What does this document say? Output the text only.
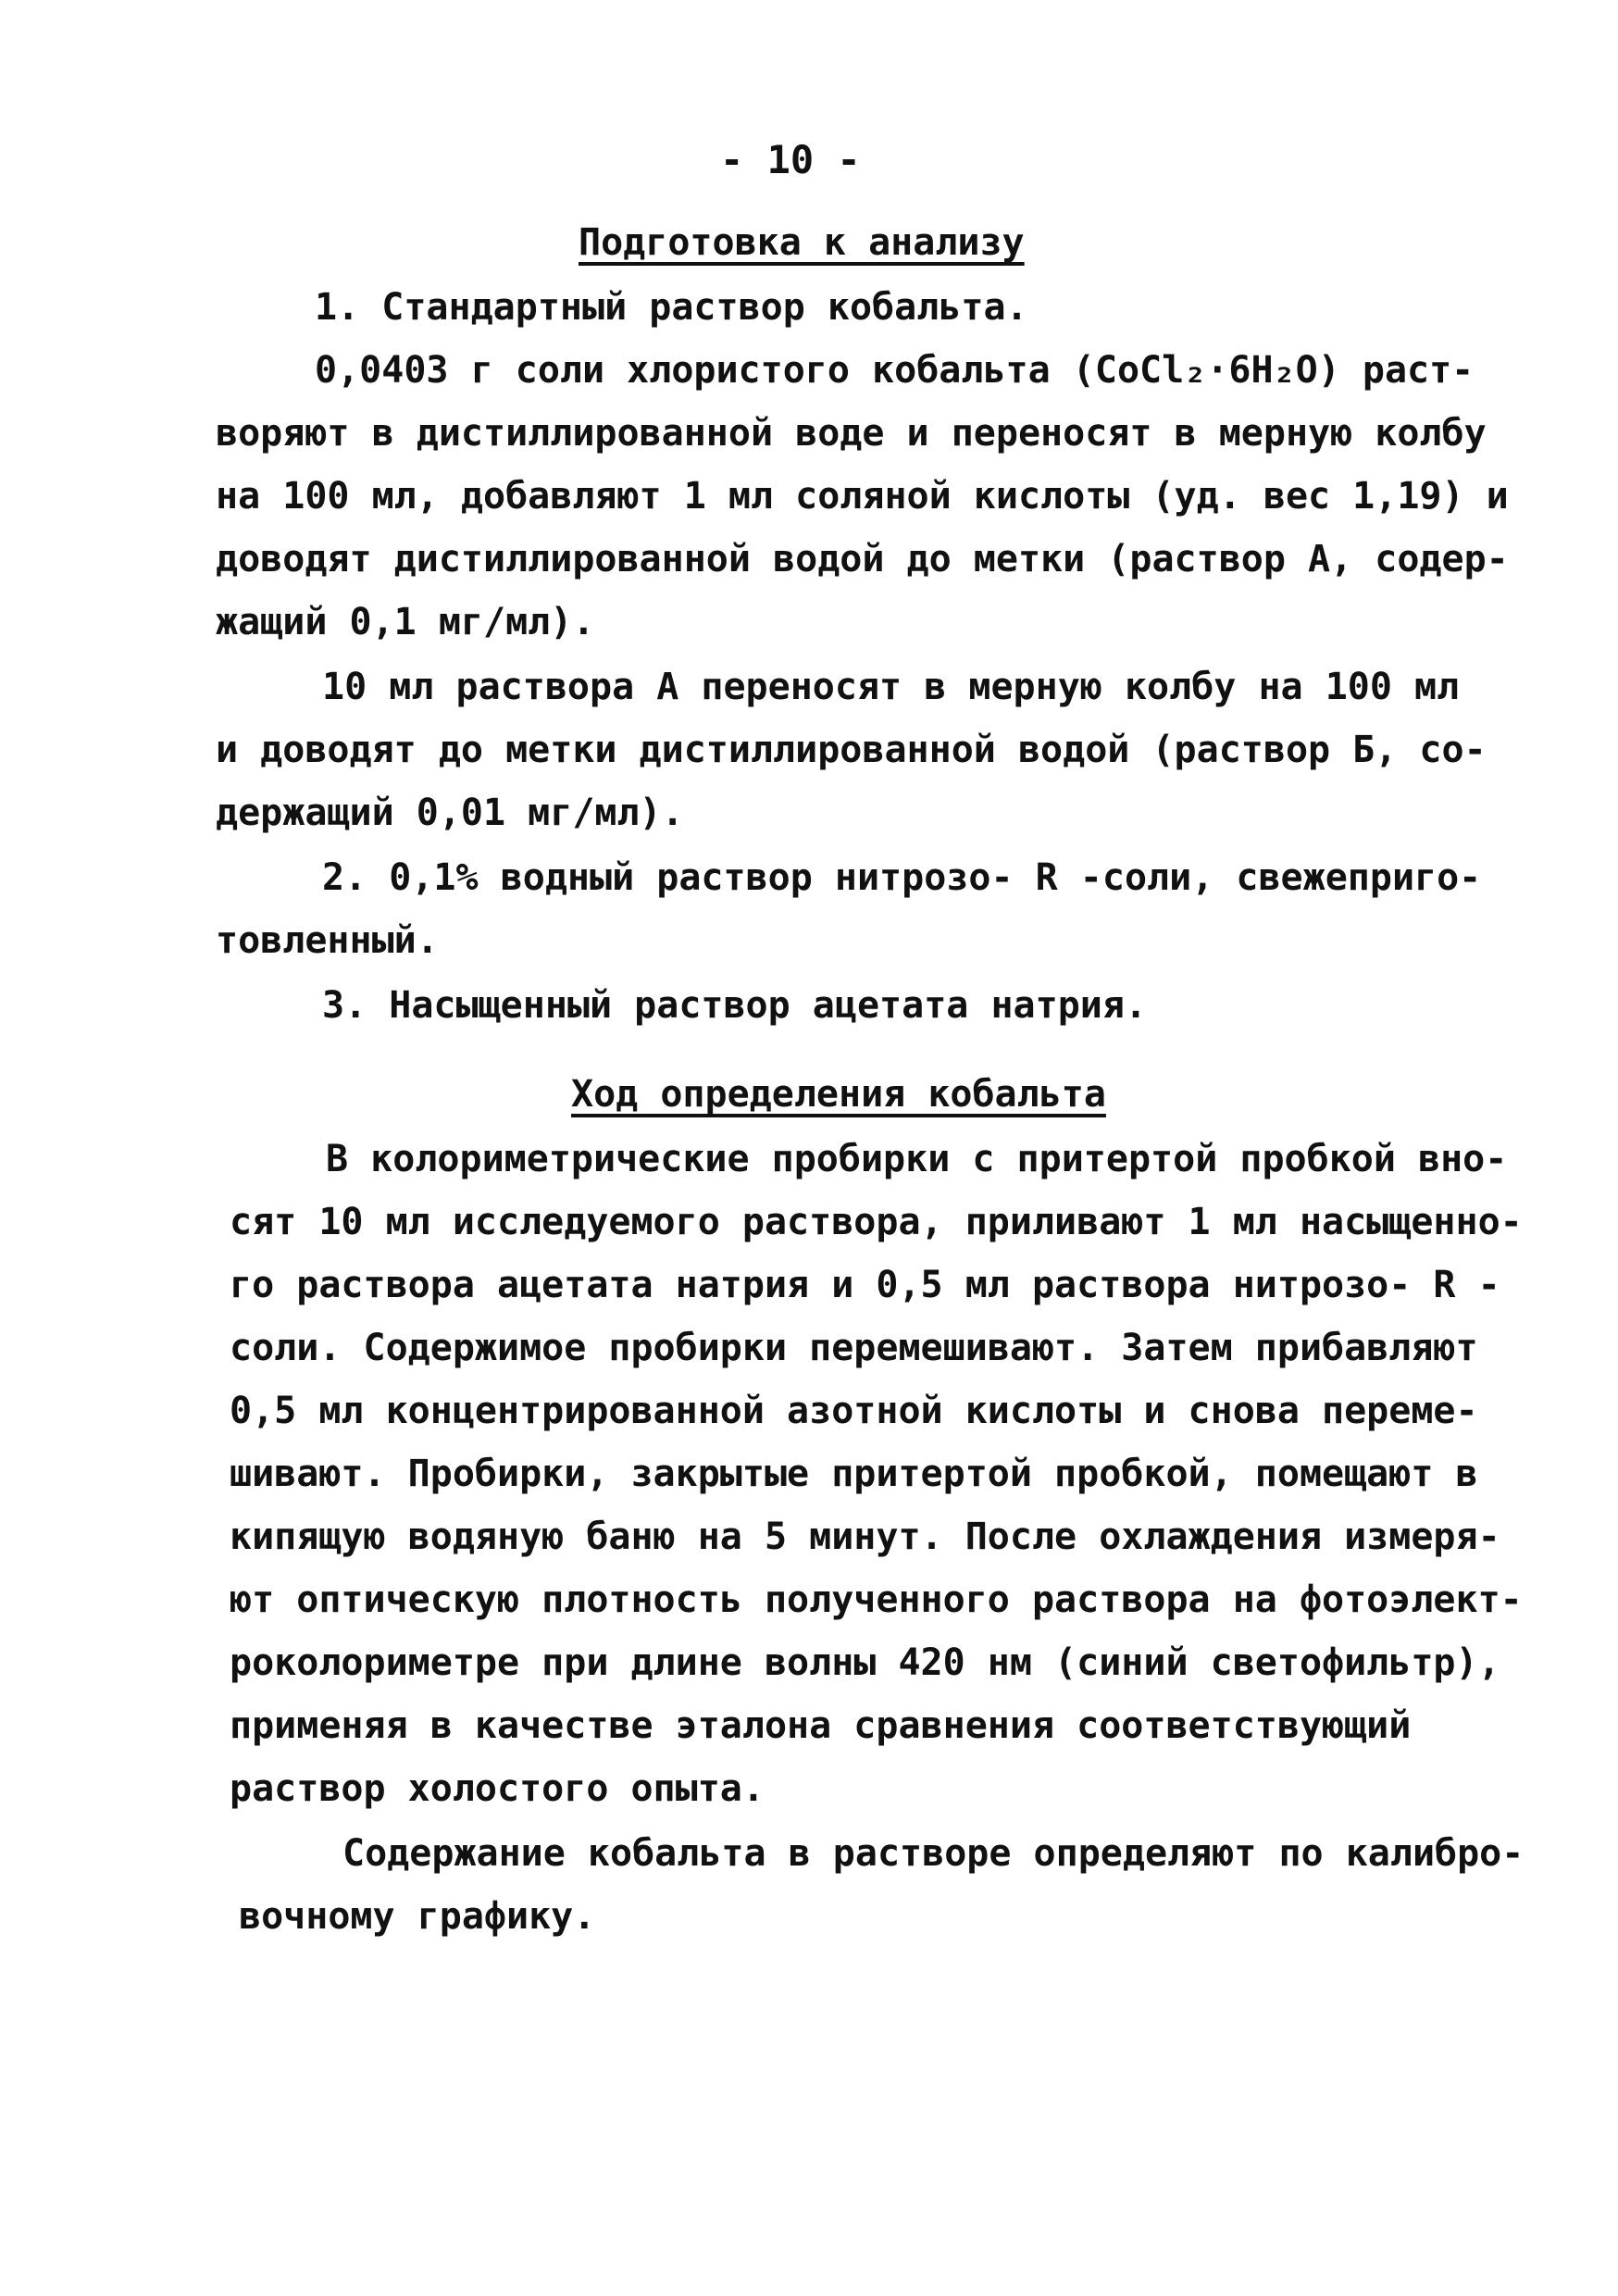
- 10 -
Подготовка к анализу
1. Стандартный раствор кобальта.
0,0403 г соли хлористого кобальта (CoCl₂·6H₂O) раст-
воряют в дистиллированной воде и переносят в мерную колбу
на 100 мл, добавляют 1 мл соляной кислоты (уд. вес 1,19) и
доводят дистиллированной водой до метки (раствор А, содер-
жащий 0,1 мг/мл).
10 мл раствора А переносят в мерную колбу на 100 мл
и доводят до метки дистиллированной водой (раствор Б, со-
держащий 0,01 мг/мл).
2. 0,1% водный раствор нитрозо- R -соли, свежеприго-
товленный.
3. Насыщенный раствор ацетата натрия.
Ход определения кобальта
В колориметрические пробирки с притертой пробкой вно-
сят 10 мл исследуемого раствора, приливают 1 мл насыщенно-
го раствора ацетата натрия и 0,5 мл раствора нитрозо- R -
соли. Содержимое пробирки перемешивают. Затем прибавляют
0,5 мл концентрированной азотной кислоты и снова переме-
шивают. Пробирки, закрытые притертой пробкой, помещают в
кипящую водяную баню на 5 минут. После охлаждения измеря-
ют оптическую плотность полученного раствора на фотоэлект-
роколориметре при длине волны 420 нм (синий светофильтр),
применяя в качестве эталона сравнения соответствующий
раствор холостого опыта.
Содержание кобальта в растворе определяют по калибро-
вочному графику.
